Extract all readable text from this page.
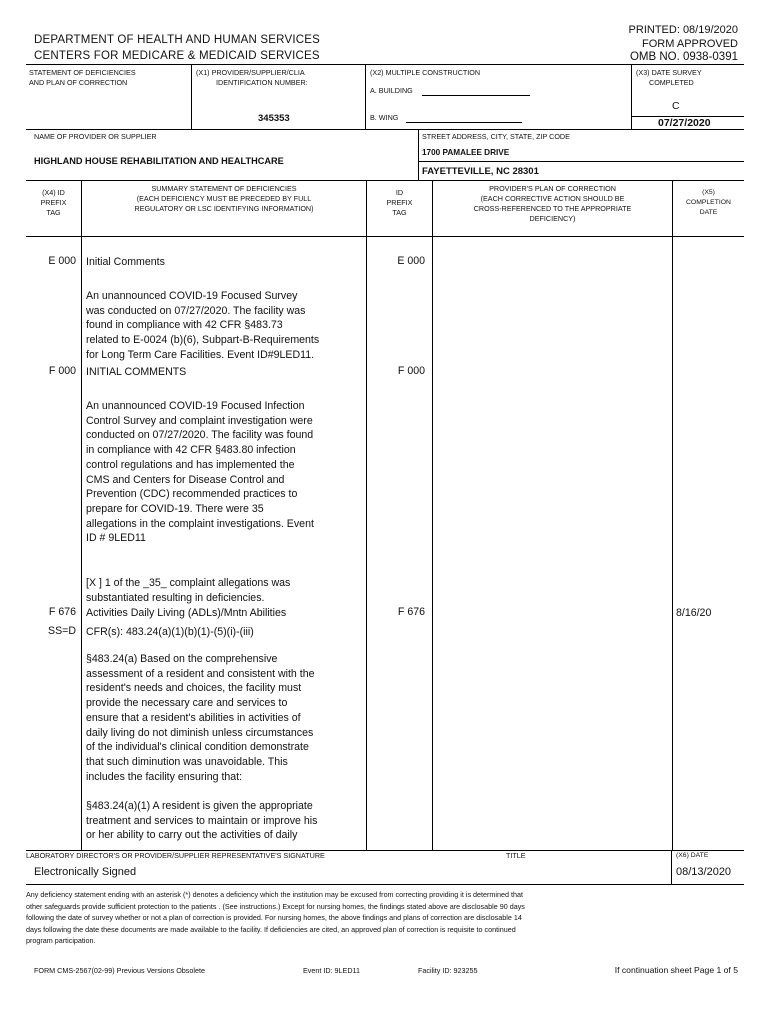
DEPARTMENT OF HEALTH AND HUMAN SERVICES
CENTERS FOR MEDICARE & MEDICAID SERVICES
PRINTED: 08/19/2020
FORM APPROVED
OMB NO. 0938-0391
STATEMENT OF DEFICIENCIES
AND PLAN OF CORRECTION
(X1) PROVIDER/SUPPLIER/CLIA
IDENTIFICATION NUMBER:
345353
(X2) MULTIPLE CONSTRUCTION
A. BUILDING
B. WING
(X3) DATE SURVEY
COMPLETED
C
07/27/2020
NAME OF PROVIDER OR SUPPLIER
HIGHLAND HOUSE REHABILITATION AND HEALTHCARE
STREET ADDRESS, CITY, STATE, ZIP CODE
1700 PAMALEE DRIVE
FAYETTEVILLE, NC 28301
(X4) ID
PREFIX
TAG
SUMMARY STATEMENT OF DEFICIENCIES
(EACH DEFICIENCY MUST BE PRECEDED BY FULL
REGULATORY OR LSC IDENTIFYING INFORMATION)
ID
PREFIX
TAG
PROVIDER'S PLAN OF CORRECTION
(EACH CORRECTIVE ACTION SHOULD BE
CROSS-REFERENCED TO THE APPROPRIATE
DEFICIENCY)
(X5)
COMPLETION
DATE
E 000 Initial Comments	E 000
An unannounced COVID-19 Focused Survey
was conducted on 07/27/2020. The facility was
found in compliance with 42 CFR §483.73
related to E-0024 (b)(6), Subpart-B-Requirements
for Long Term Care Facilities. Event ID#9LED11.
F 000 INITIAL COMMENTS	F 000
An unannounced COVID-19 Focused Infection
Control Survey and complaint investigation were
conducted on 07/27/2020. The facility was found
in compliance with 42 CFR §483.80 infection
control regulations and has implemented the
CMS and Centers for Disease Control and
Prevention (CDC) recommended practices to
prepare for COVID-19. There were 35
allegations in the complaint investigations. Event
ID # 9LED11
[X ] 1 of the _35_ complaint allegations was
substantiated resulting in deficiencies.
F 676
SS=D
Activities Daily Living (ADLs)/Mntn Abilities
CFR(s): 483.24(a)(1)(b)(1)-(5)(i)-(iii)
F 676	8/16/20
§483.24(a) Based on the comprehensive
assessment of a resident and consistent with the
resident's needs and choices, the facility must
provide the necessary care and services to
ensure that a resident's abilities in activities of
daily living do not diminish unless circumstances
of the individual's clinical condition demonstrate
that such diminution was unavoidable. This
includes the facility ensuring that:
§483.24(a)(1) A resident is given the appropriate
treatment and services to maintain or improve his
or her ability to carry out the activities of daily
LABORATORY DIRECTOR'S OR PROVIDER/SUPPLIER REPRESENTATIVE'S SIGNATURE	TITLE	(X6) DATE
Electronically Signed	08/13/2020
Any deficiency statement ending with an asterisk (*) denotes a deficiency which the institution may be excused from correcting providing it is determined that
other safeguards provide sufficient protection to the patients . (See instructions.) Except for nursing homes, the findings stated above are disclosable 90 days
following the date of survey whether or not a plan of correction is provided. For nursing homes, the above findings and plans of correction are disclosable 14
days following the date these documents are made available to the facility. If deficiencies are cited, an approved plan of correction is requisite to continued
program participation.
FORM CMS-2567(02-99) Previous Versions Obsolete	Event ID: 9LED11	Facility ID: 923255	If continuation sheet Page 1 of 5
